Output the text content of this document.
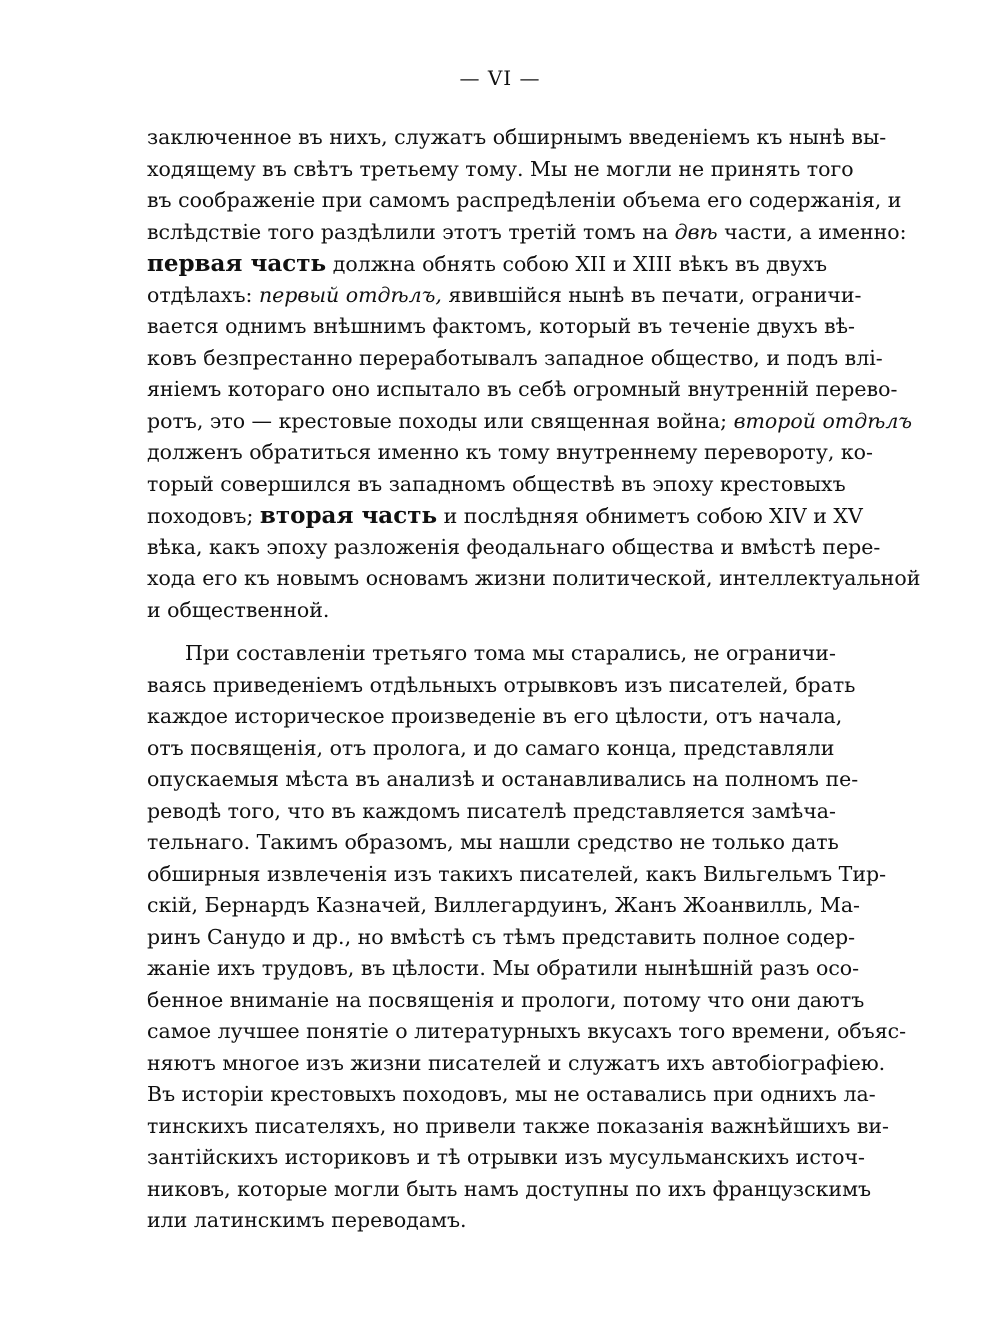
— VI —
заключенное въ нихъ, служатъ обширнымъ введеніемъ къ нынѣ вы-
ходящему въ свѣтъ третьему тому. Мы не могли не принять того
въ соображеніе при самомъ распредѣленіи объема его содержанія, и
вслѣдствіе того раздѣлили этотъ третій томъ на двѣ части, а именно:
первая часть должна обнять собою XII и XIII вѣкъ въ двухъ
отдѣлахъ: первый отдѣлъ, явившійся нынѣ въ печати, ограничи-
вается однимъ внѣшнимъ фактомъ, который въ теченіе двухъ вѣ-
ковъ безпрестанно переработывалъ западное общество, и подъ влі-
яніемъ котораго оно испытало въ себѣ огромный внутренній перево-
ротъ, это — крестовые походы или священная война; второй отдѣлъ
долженъ обратиться именно къ тому внутреннему перевороту, ко-
торый совершился въ западномъ обществѣ въ эпоху крестовыхъ
походовъ; вторая часть и послѣдняя обниметъ собою XIV и XV
вѣка, какъ эпоху разложенія феодальнаго общества и вмѣстѣ пере-
хода его къ новымъ основамъ жизни политической, интеллектуальной
и общественной.
При составленіи третьяго тома мы старались, не ограничи-
ваясь приведеніемъ отдѣльныхъ отрывковъ изъ писателей, брать
каждое историческое произведеніе въ его цѣлости, отъ начала,
отъ посвященія, отъ пролога, и до самаго конца, представляли
опускаемыя мѣста въ анализѣ и останавливались на полномъ пе-
реводѣ того, что въ каждомъ писателѣ представляется замѣча-
тельнаго. Такимъ образомъ, мы нашли средство не только дать
обширныя извлеченія изъ такихъ писателей, какъ Вильгельмъ Тир-
скій, Бернардъ Казначей, Виллегардуинъ, Жанъ Жоанвилль, Ма-
ринъ Санудо и др., но вмѣстѣ съ тѣмъ представить полное содер-
жаніе ихъ трудовъ, въ цѣлости. Мы обратили нынѣшній разъ осо-
бенное вниманіе на посвященія и прологи, потому что они даютъ
самое лучшее понятіе о литературныхъ вкусахъ того времени, объяс-
няютъ многое изъ жизни писателей и служатъ ихъ автобіографіею.
Въ исторіи крестовыхъ походовъ, мы не оставались при однихъ ла-
тинскихъ писателяхъ, но привели также показанія важнѣйшихъ ви-
зантійскихъ историковъ и тѣ отрывки изъ мусульманскихъ источ-
никовъ, которые могли быть намъ доступны по ихъ французскимъ
или латинскимъ переводамъ.
